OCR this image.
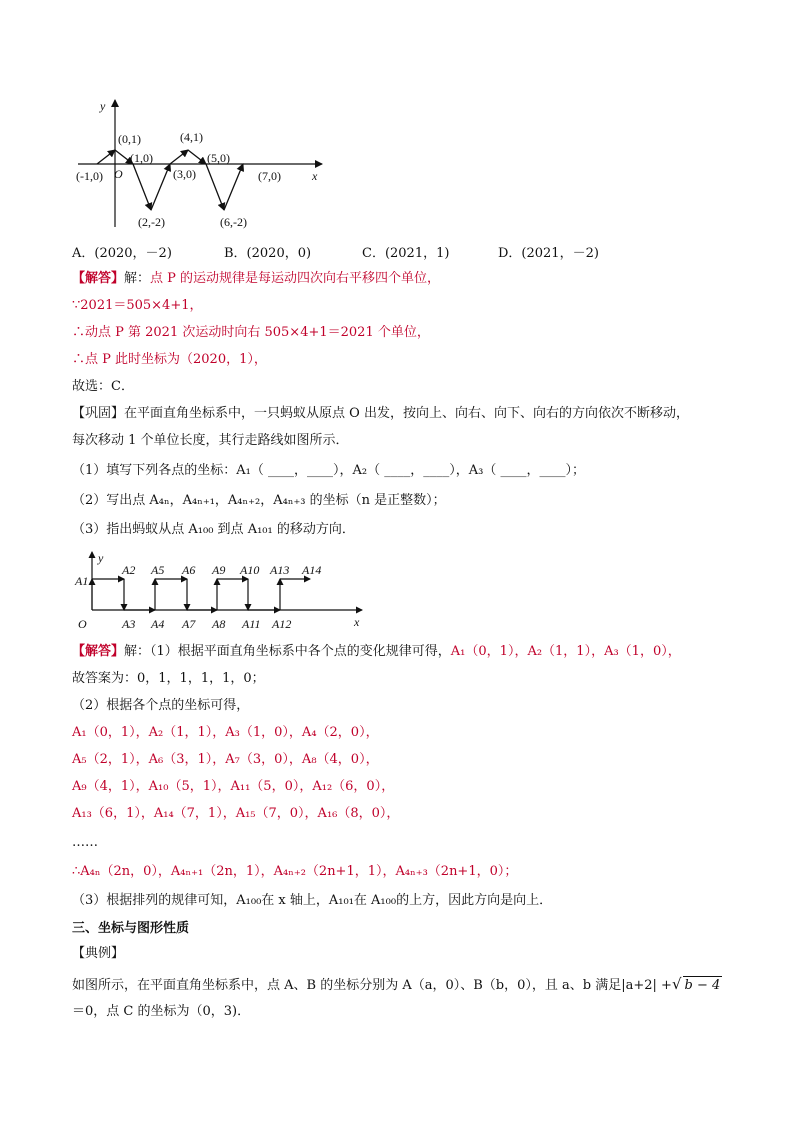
y
x
O
(-1,0)
(0,1)
(1,0)
(2,-2)
(3,0)
(4,1)
(5,0)
(6,-2)
(7,0)
A．(2020，－2)	B．(2020，0)	C．(2021，1)	D．(2021，－2)
【解答】解：点 P 的运动规律是每运动四次向右平移四个单位，
∵2021＝505×4+1，
∴动点 P 第 2021 次运动时向右 505×4+1＝2021 个单位，
∴点 P 此时坐标为（2020，1），
故选：C．
【巩固】在平面直角坐标系中，一只蚂蚁从原点 O 出发，按向上、向右、向下、向右的方向依次不断移动，
每次移动 1 个单位长度，其行走路线如图所示．
（1）填写下列各点的坐标：A₁（ ____，____），A₂（ ____，____），A₃（ ____，____）；
（2）写出点 A₄ₙ，A₄ₙ₊₁，A₄ₙ₊₂，A₄ₙ₊₃ 的坐标（n 是正整数）；
（3）指出蚂蚁从点 A₁₀₀ 到点 A₁₀₁ 的移动方向．
y
x
O
A1
A2
A3 A4
A5 A6
A7 A8
A9 A10
A11 A12
A13 A14
【解答】解：（1）根据平面直角坐标系中各个点的变化规律可得，A₁（0，1），A₂（1，1），A₃（1，0），
故答案为：0，1，1，1，1，0；
（2）根据各个点的坐标可得，
A₁（0，1），A₂（1，1），A₃（1，0），A₄（2，0），
A₅（2，1），A₆（3，1），A₇（3，0），A₈（4，0），
A₉（4，1），A₁₀（5，1），A₁₁（5，0），A₁₂（6，0），
A₁₃（6，1），A₁₄（7，1），A₁₅（7，0），A₁₆（8，0），
……
∴A₄ₙ（2n，0），A₄ₙ₊₁（2n，1），A₄ₙ₊₂（2n+1，1），A₄ₙ₊₃（2n+1，0）；
（3）根据排列的规律可知，A₁₀₀在 x 轴上，A₁₀₁在 A₁₀₀的上方，因此方向是向上．
三、坐标与图形性质
【典例】
如图所示，在平面直角坐标系中，点 A、B 的坐标分别为 A（a，0）、B（b，0），且 a、b 满足|a+2| +√ b − 4
＝0，点 C 的坐标为（0，3)．
